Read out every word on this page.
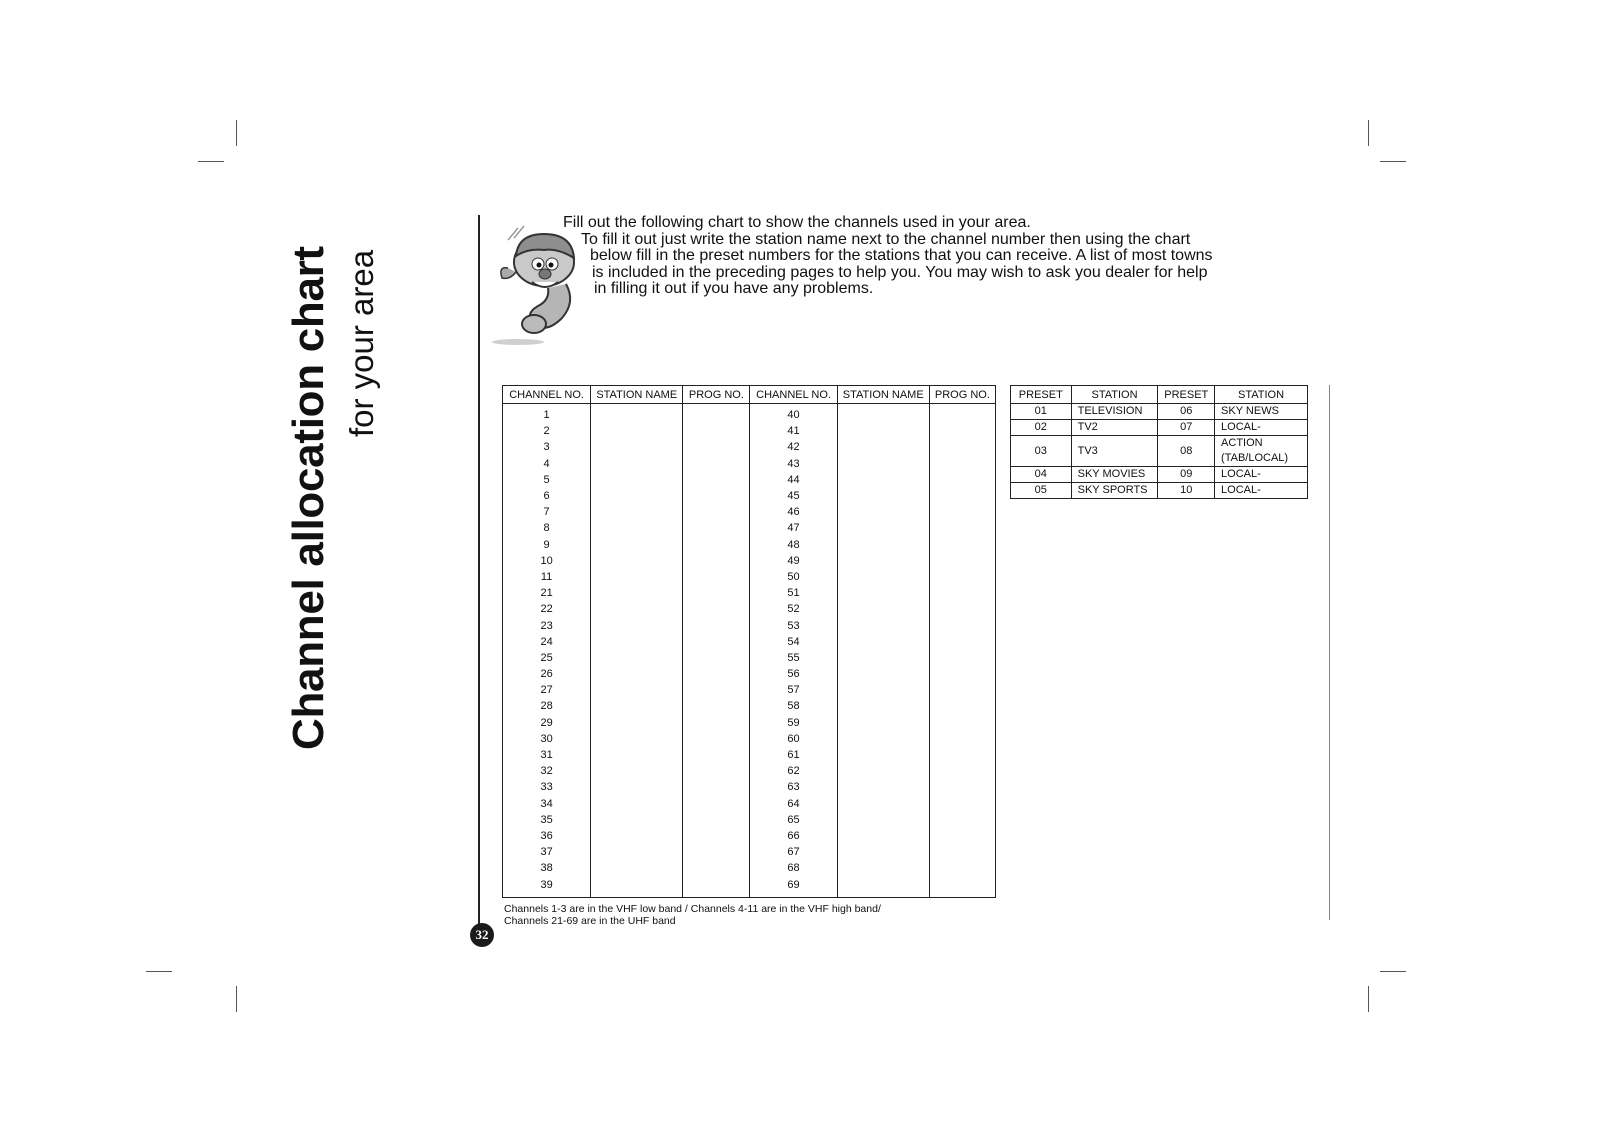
Channel allocation chart for your area
Fill out the following chart to show the channels used in your area.
To fill it out just write the station name next to the channel number then using the chart
below fill in the preset numbers for the stations that you can receive. A list of most towns
is included in the preceding pages to help you. You may wish to ask you dealer for help
in filling it out if you have any problems.
CHANNEL NO.	STATION NAME	PROG NO.	CHANNEL NO.	STATION NAME	PROG NO.
1			40		
2			41		
3			42		
4			43		
5			44		
6			45		
7			46		
8			47		
9			48		
10			49		
11			50		
21			51		
22			52		
23			53		
24			54		
25			55		
26			56		
27			57		
28			58		
29			59		
30			60		
31			61		
32			62		
33			63		
34			64		
35			65		
36			66		
37			67		
38			68		
39			69		
PRESET	STATION	PRESET	STATION
01	TELEVISION	06	SKY NEWS
02	TV2	07	LOCAL-
03	TV3	08	ACTION
(TAB/LOCAL)

04	SKY MOVIES	09	LOCAL-
05	SKY SPORTS	10	LOCAL-
Channels 1-3 are in the VHF low band / Channels 4-11 are in the VHF high band/
Channels 21-69 are in the UHF band
32
